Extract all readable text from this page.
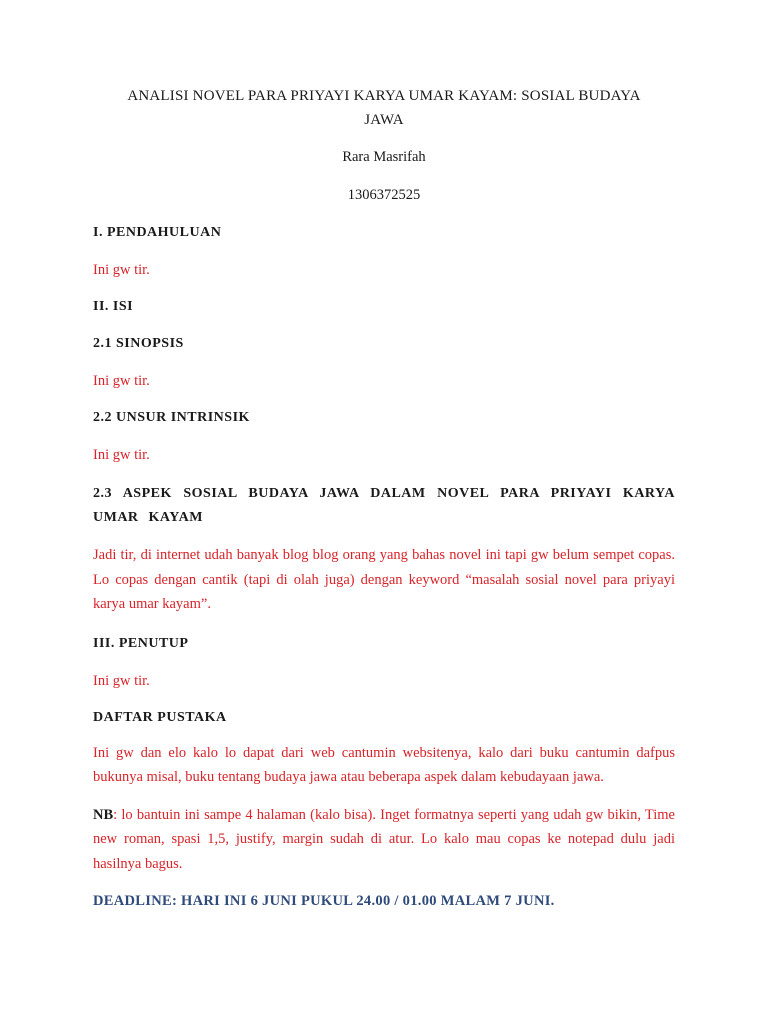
ANALISI NOVEL PARA PRIYAYI KARYA UMAR KAYAM: SOSIAL BUDAYA
JAWA

Rara Masrifah

1306372525

I. PENDAHULUAN

Ini gw tir.

II. ISI

2.1 SINOPSIS

Ini gw tir.

2.2 UNSUR INTRINSIK

Ini gw tir.

2.3 ASPEK SOSIAL BUDAYA JAWA DALAM NOVEL PARA PRIYAYI KARYA UMAR KAYAM

Jadi tir, di internet udah banyak blog blog orang yang bahas novel ini tapi gw belum sempet copas. Lo copas dengan cantik (tapi di olah juga) dengan keyword “masalah sosial novel para priyayi karya umar kayam”.

III. PENUTUP

Ini gw tir.

DAFTAR PUSTAKA

Ini gw dan elo kalo lo dapat dari web cantumin websitenya, kalo dari buku cantumin dafpus bukunya misal, buku tentang budaya jawa atau beberapa aspek dalam kebudayaan jawa.

NB: lo bantuin ini sampe 4 halaman (kalo bisa). Inget formatnya seperti yang udah gw bikin, Time new roman, spasi 1,5, justify, margin sudah di atur. Lo kalo mau copas ke notepad dulu jadi hasilnya bagus.

DEADLINE: HARI INI 6 JUNI PUKUL 24.00 / 01.00 MALAM 7 JUNI.
